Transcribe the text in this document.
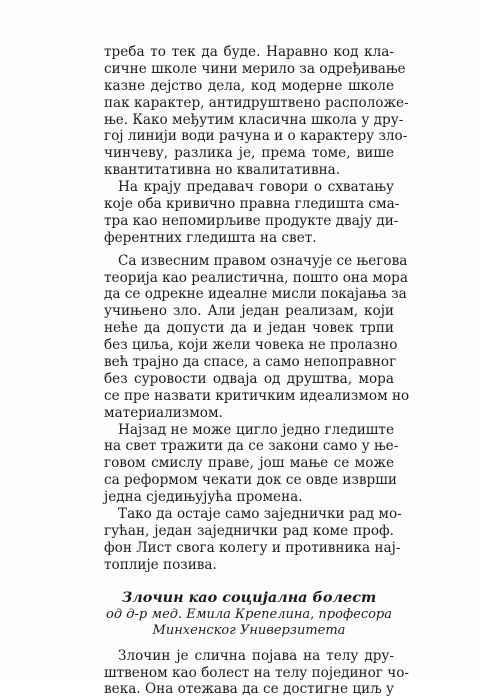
треба то тек да буде. Наравно код кла-
сичне школе чини мерило за одређивање
казне дејство дела, код модерне школе
пак карактер, антидруштвено расположе-
ње. Како међутим класична школа у дру-
гој линији води рачуна и о карактеру зло-
чинчеву, разлика је, према томе, више
квантитативна но квалитативна.
На крају предавач говори о схватању
које оба кривично правна гледишта сма-
тра као непомирљиве продукте двају ди-
ферентних гледишта на свет.
Са извесним правом означује се његова
теорија као реалистична, пошто она мора
да се одрекне идеалне мисли покајања за
учињено зло. Али један реализам, који
неће да допусти да и један човек трпи
без циља, који жели човека не пролазно
већ трајно да спасе, а само непоправног
без суровости одваја од друштва, мора
се пре назвати критичким идеализмом но
материализмом.
Најзад не може цигло једно гледиште
на свет тражити да се закони само у ње-
говом смислу праве, још мање се може
са реформом чекати док се овде изврши
једна сједињујућа промена.
Тако да остаје само заједнички рад мо-
гућан, један заједнички рад коме проф.
фон Лист свога колегу и противника нај-
топлије позива.
Злочин као социјална болест
од д-р мед. Емила Крепелина, професора
Минхенског Универзитета
Злочин је слична појава на телу дру-
штвеном као болест на телу појединог чо-
века. Она отежава да се достигне циљ у
